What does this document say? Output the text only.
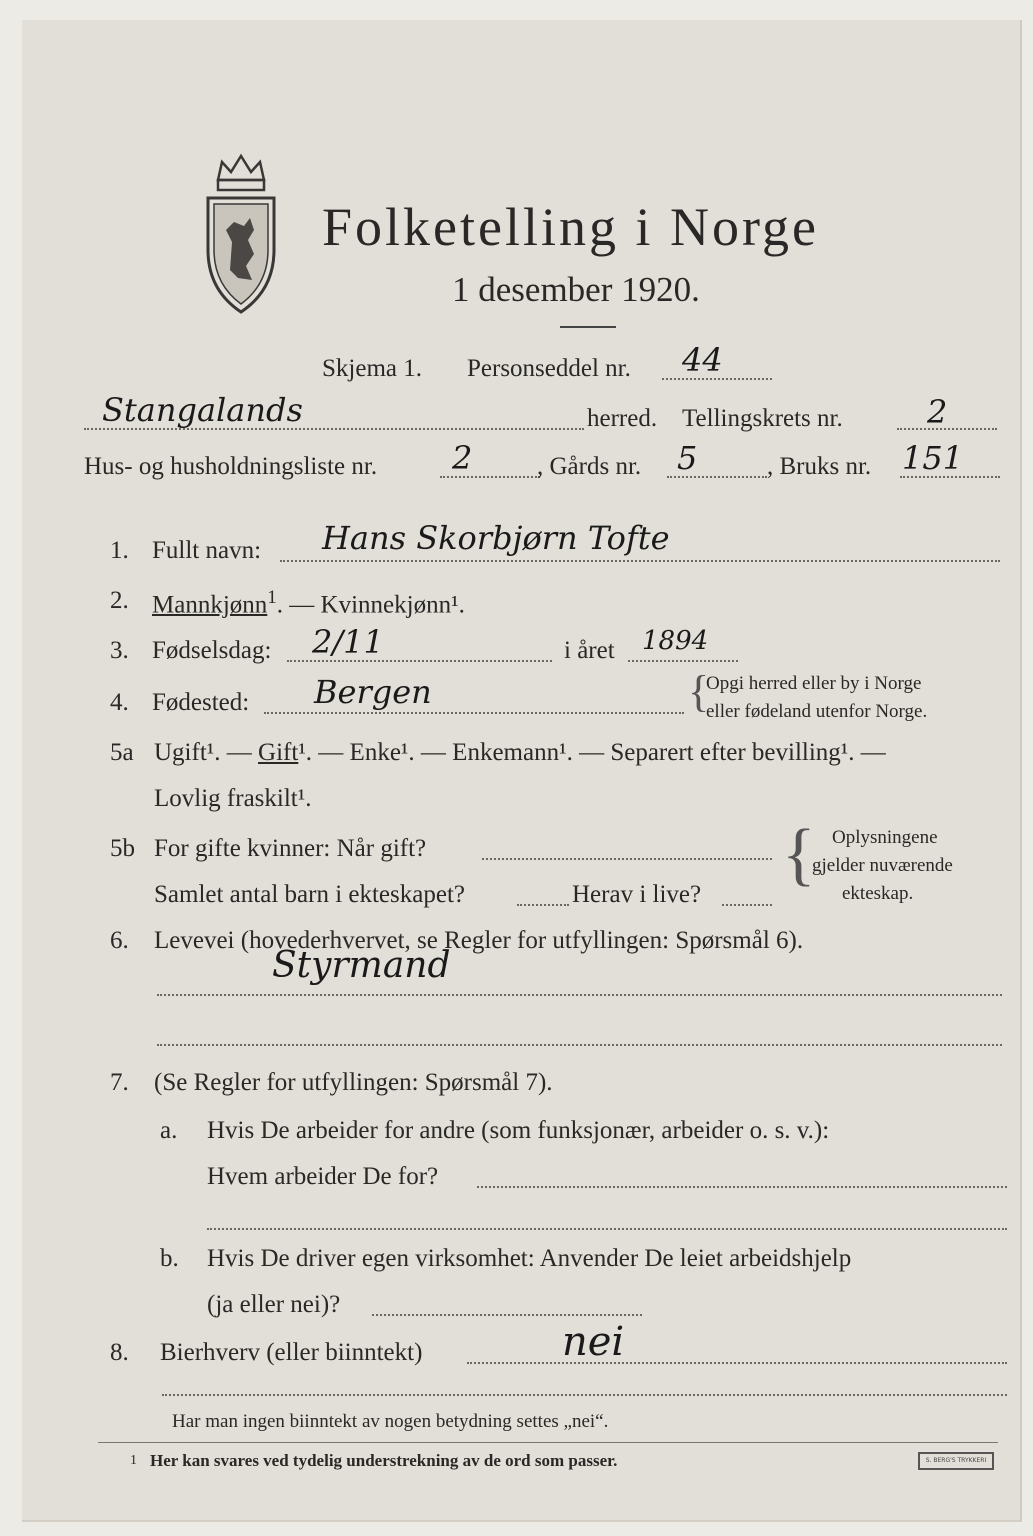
Folketelling i Norge
1 desember 1920.
Skjema 1. Personseddel nr. 44
Stangalands	herred. Tellingskrets nr.	2
Hus- og husholdningsliste nr. 2	, Gårds nr. 5	, Bruks nr. 151
1. Fullt navn: Hans Skorbjørn Tofte
2. Mannkjønn$^1$. — Kvinnekjønn¹.
3. Fødselsdag: 2/11	i året 1894
4. Fødested: Bergen	{
Opgi herred eller by i Norge
eller fødeland utenfor Norge.
5a Ugift¹. — Gift¹. — Enke¹. — Enkemann¹. — Separert efter bevilling¹. —
Lovlig fraskilt¹.
5b For gifte kvinner: Når gift?
Samlet antal barn i ekteskapet?	Herav i live?
{ Oplysningene
gjelder nuværende
ekteskap.
6. Levevei (hovederhvervet, se Regler for utfyllingen: Spørsmål 6).
Styrmand
7. (Se Regler for utfyllingen: Spørsmål 7).
a. Hvis De arbeider for andre (som funksjonær, arbeider o. s. v.):
Hvem arbeider De for?
b. Hvis De driver egen virksomhet: Anvender De leiet arbeidshjelp
(ja eller nei)?
8. Bierhverv (eller biinntekt)	nei
Har man ingen biinntekt av nogen betydning settes „nei“.
1 Her kan svares ved tydelig understrekning av de ord som passer.	S. BERG'S TRYKKERI
